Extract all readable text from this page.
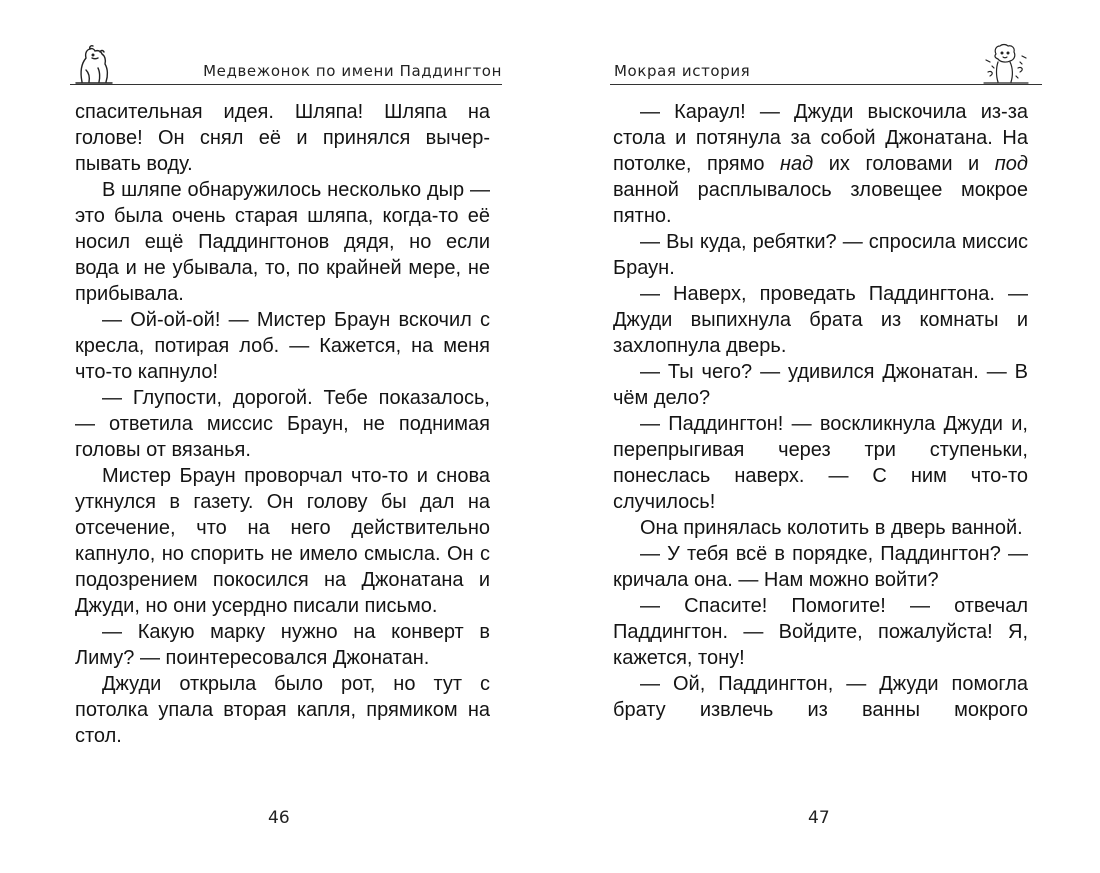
Медвежонок по имени Паддингтон

спасительная идея. Шляпа! Шляпа на голове! Он снял её и принялся вычерпывать воду.

В шляпе обнаружилось несколько дыр — это была очень старая шляпа, когда-то её носил ещё Паддингтонов дядя, но если вода и не убывала, то, по крайней мере, не прибывала.

— Ой-ой-ой! — Мистер Браун вскочил с кресла, потирая лоб. — Кажется, на меня что-то капнуло!

— Глупости, дорогой. Тебе показалось, — ответила миссис Браун, не поднимая головы от вязанья.

Мистер Браун проворчал что-то и снова уткнулся в газету. Он голову бы дал на отсечение, что на него действительно капнуло, но спорить не имело смысла. Он с подозрением покосился на Джонатана и Джуди, но они усердно писали письмо.

— Какую марку нужно на конверт в Лиму? — поинтересовался Джонатан.

Джуди открыла было рот, но тут с потолка упала вторая капля, прямиком на стол.

46
Мокрая история

— Караул! — Джуди выскочила из-за стола и потянула за собой Джонатана. На потолке, прямо над их головами и под ванной расплывалось зловещее мокрое пятно.

— Вы куда, ребятки? — спросила миссис Браун.

— Наверх, проведать Паддингтона. — Джуди выпихнула брата из комнаты и захлопнула дверь.

— Ты чего? — удивился Джонатан. — В чём дело?

— Паддингтон! — воскликнула Джуди и, перепрыгивая через три ступеньки, понеслась наверх. — С ним что-то случилось!

Она принялась колотить в дверь ванной.

— У тебя всё в порядке, Паддингтон? — кричала она. — Нам можно войти?

— Спасите! Помогите! — отвечал Паддингтон. — Войдите, пожалуйста! Я, кажется, тону!

— Ой, Паддингтон, — Джуди помогла брату извлечь из ванны мокрого

47
